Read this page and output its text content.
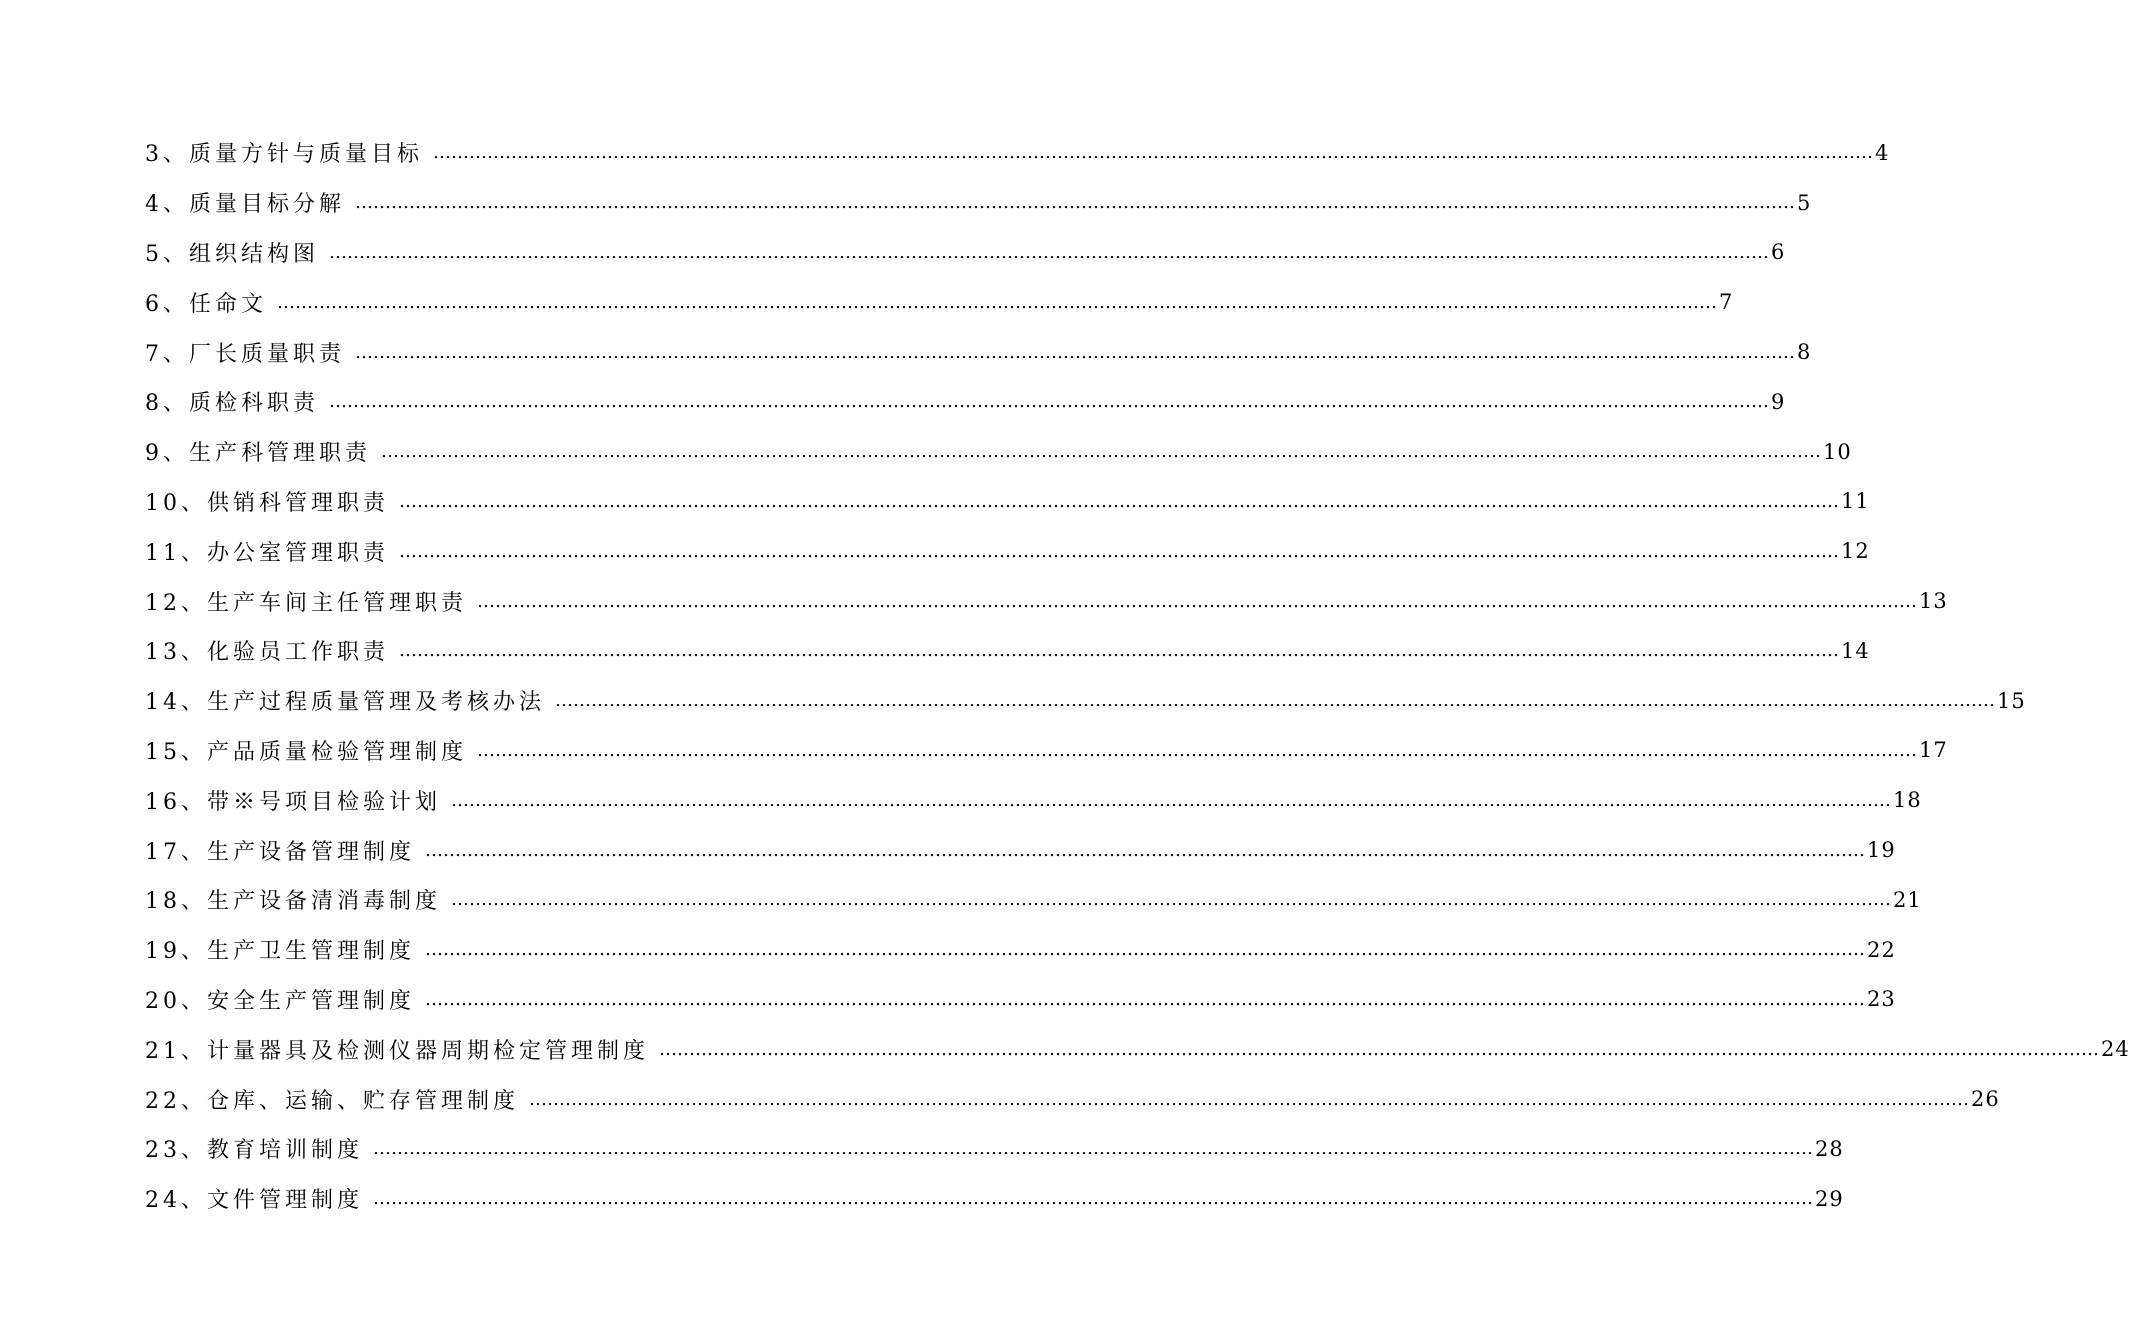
3、质量方针与质量目标 …………………………………………………………………………………………………………………………………………………………………………………………………………………… 4
4、质量目标分解 …………………………………………………………………………………………………………………………………………………………………………………………………………………… 5
5、组织结构图 …………………………………………………………………………………………………………………………………………………………………………………………………………………… 6
6、任命文 …………………………………………………………………………………………………………………………………………………………………………………………………………………… 7
7、厂长质量职责 …………………………………………………………………………………………………………………………………………………………………………………………………………………… 8
8、质检科职责 …………………………………………………………………………………………………………………………………………………………………………………………………………………… 9
9、生产科管理职责 …………………………………………………………………………………………………………………………………………………………………………………………………………………… 10
10、供销科管理职责 …………………………………………………………………………………………………………………………………………………………………………………………………………………… 11
11、办公室管理职责 …………………………………………………………………………………………………………………………………………………………………………………………………………………… 12
12、生产车间主任管理职责 …………………………………………………………………………………………………………………………………………………………………………………………………………………… 13
13、化验员工作职责 …………………………………………………………………………………………………………………………………………………………………………………………………………………… 14
14、生产过程质量管理及考核办法 …………………………………………………………………………………………………………………………………………………………………………………………………………………… 15
15、产品质量检验管理制度 …………………………………………………………………………………………………………………………………………………………………………………………………………………… 17
16、带※号项目检验计划 …………………………………………………………………………………………………………………………………………………………………………………………………………………… 18
17、生产设备管理制度 …………………………………………………………………………………………………………………………………………………………………………………………………………………… 19
18、生产设备清消毒制度 …………………………………………………………………………………………………………………………………………………………………………………………………………………… 21
19、生产卫生管理制度 …………………………………………………………………………………………………………………………………………………………………………………………………………………… 22
20、安全生产管理制度 …………………………………………………………………………………………………………………………………………………………………………………………………………………… 23
21、计量器具及检测仪器周期检定管理制度 …………………………………………………………………………………………………………………………………………………………………………………………………………………… 24
22、仓库、运输、贮存管理制度 …………………………………………………………………………………………………………………………………………………………………………………………………………………… 26
23、教育培训制度 …………………………………………………………………………………………………………………………………………………………………………………………………………………… 28
24、文件管理制度 …………………………………………………………………………………………………………………………………………………………………………………………………………………… 29
